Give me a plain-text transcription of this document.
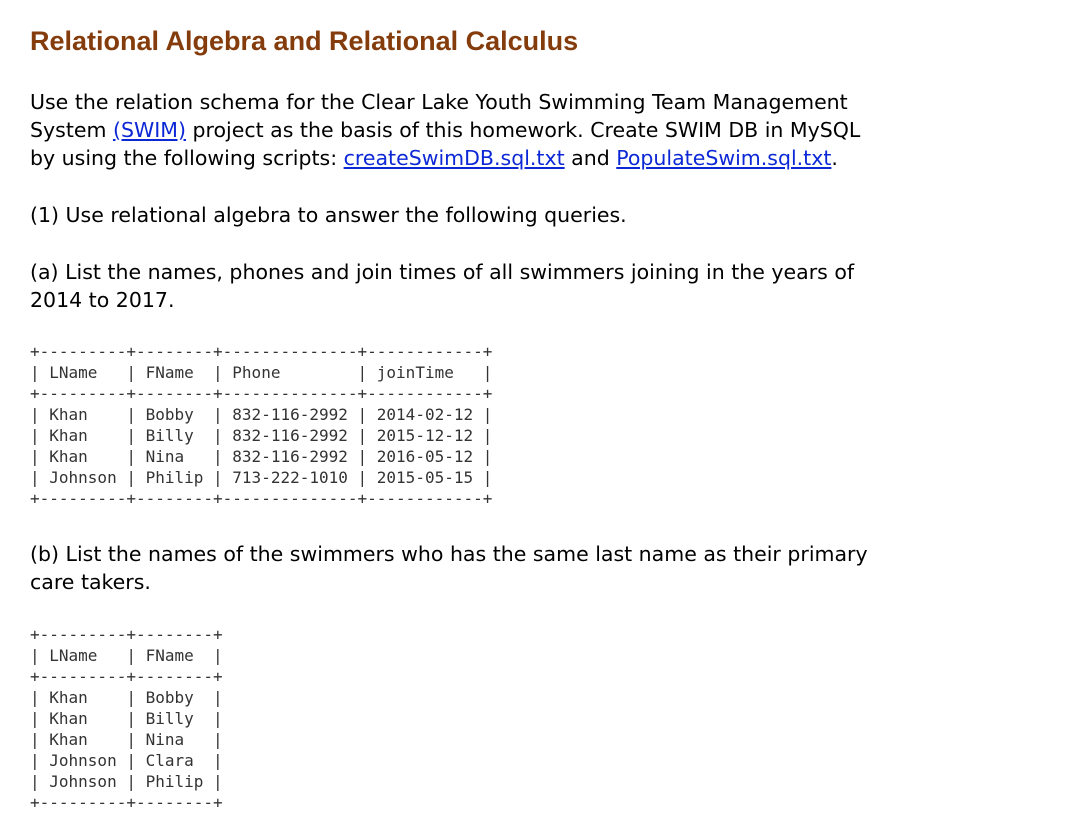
Relational Algebra and Relational Calculus

Use the relation schema for the Clear Lake Youth Swimming Team Management
System (SWIM) project as the basis of this homework. Create SWIM DB in MySQL
by using the following scripts: createSwimDB.sql.txt and PopulateSwim.sql.txt.

(1) Use relational algebra to answer the following queries.

(a) List the names, phones and join times of all swimmers joining in the years of
2014 to 2017.

+---------+--------+--------------+------------+
| LName   | FName  | Phone        | joinTime   |
+---------+--------+--------------+------------+
| Khan    | Bobby  | 832-116-2992 | 2014-02-12 |
| Khan    | Billy  | 832-116-2992 | 2015-12-12 |
| Khan    | Nina   | 832-116-2992 | 2016-05-12 |
| Johnson | Philip | 713-222-1010 | 2015-05-15 |
+---------+--------+--------------+------------+

(b) List the names of the swimmers who has the same last name as their primary
care takers.

+---------+--------+
| LName   | FName  |
+---------+--------+
| Khan    | Bobby  |
| Khan    | Billy  |
| Khan    | Nina   |
| Johnson | Clara  |
| Johnson | Philip |
+---------+--------+
